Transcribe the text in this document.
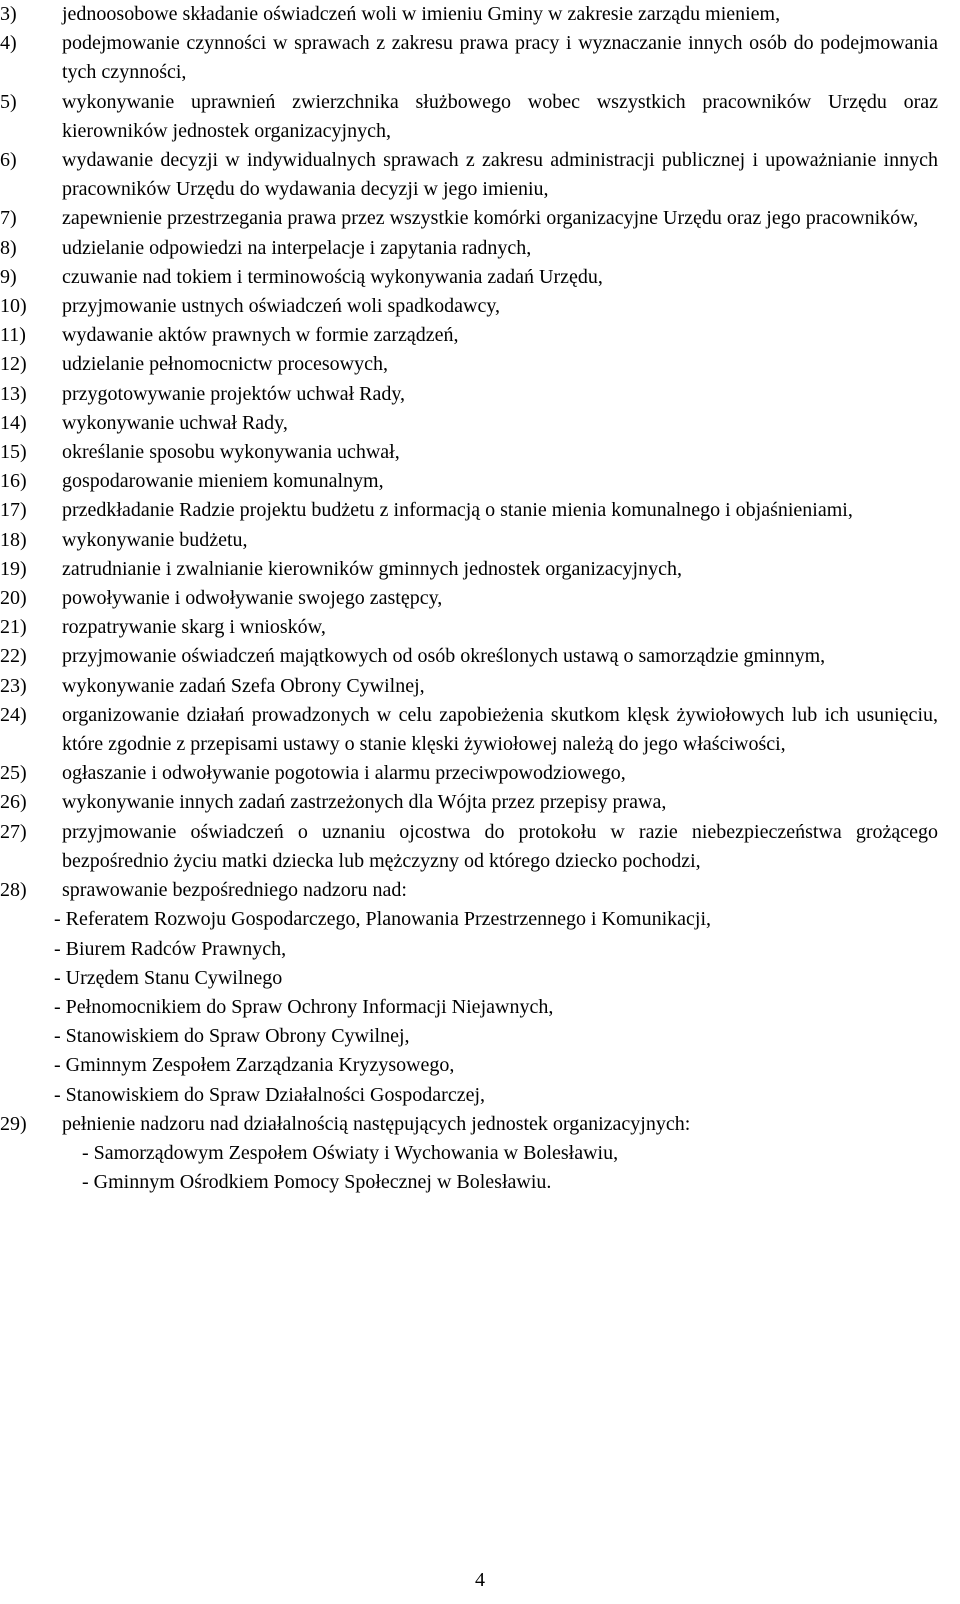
3)	jednoosobowe składanie oświadczeń woli w imieniu Gminy w zakresie zarządu mieniem,
4)	podejmowanie czynności w sprawach z zakresu prawa pracy i wyznaczanie innych osób do podejmowania tych czynności,
5)	wykonywanie uprawnień zwierzchnika służbowego wobec wszystkich pracowników Urzędu oraz kierowników jednostek organizacyjnych,
6)	wydawanie decyzji w indywidualnych sprawach z zakresu administracji publicznej i upoważnianie innych pracowników Urzędu do wydawania decyzji w jego imieniu,
7)	zapewnienie przestrzegania prawa przez wszystkie komórki organizacyjne Urzędu oraz jego pracowników,
8)	udzielanie odpowiedzi na interpelacje i zapytania radnych,
9)	czuwanie nad tokiem i terminowością wykonywania zadań Urzędu,
10)	przyjmowanie ustnych oświadczeń woli spadkodawcy,
11)	wydawanie aktów prawnych w formie zarządzeń,
12)	udzielanie pełnomocnictw procesowych,
13)	przygotowywanie projektów uchwał Rady,
14)	wykonywanie uchwał Rady,
15)	określanie sposobu wykonywania uchwał,
16)	gospodarowanie mieniem komunalnym,
17)	przedkładanie Radzie projektu budżetu z informacją o stanie mienia komunalnego i objaśnieniami,
18)	wykonywanie budżetu,
19)	zatrudnianie i zwalnianie kierowników gminnych jednostek organizacyjnych,
20)	powoływanie i odwoływanie swojego zastępcy,
21)	rozpatrywanie skarg i wniosków,
22)	przyjmowanie oświadczeń majątkowych od osób określonych ustawą o samorządzie gminnym,
23)	wykonywanie zadań Szefa Obrony Cywilnej,
24)	organizowanie działań prowadzonych w celu zapobieżenia skutkom klęsk żywiołowych lub ich usunięciu, które zgodnie z przepisami ustawy o stanie klęski żywiołowej należą do jego właściwości,
25)	ogłaszanie i odwoływanie pogotowia i alarmu przeciwpowodziowego,
26)	wykonywanie innych zadań zastrzeżonych dla Wójta przez przepisy prawa,
27)	przyjmowanie oświadczeń o uznaniu ojcostwa do protokołu w razie niebezpieczeństwa grożącego bezpośrednio życiu matki dziecka lub mężczyzny od którego dziecko pochodzi,
28)	sprawowanie bezpośredniego nadzoru nad:
- Referatem Rozwoju Gospodarczego, Planowania Przestrzennego i Komunikacji,
- Biurem Radców Prawnych,
- Urzędem Stanu Cywilnego
- Pełnomocnikiem do Spraw Ochrony Informacji Niejawnych,
- Stanowiskiem do Spraw Obrony Cywilnej,
- Gminnym Zespołem Zarządzania Kryzysowego,
- Stanowiskiem do Spraw Działalności Gospodarczej,
29)	pełnienie nadzoru nad działalnością następujących jednostek organizacyjnych:
- Samorządowym Zespołem Oświaty i Wychowania w Bolesławiu,
- Gminnym Ośrodkiem Pomocy Społecznej w Bolesławiu.
4
